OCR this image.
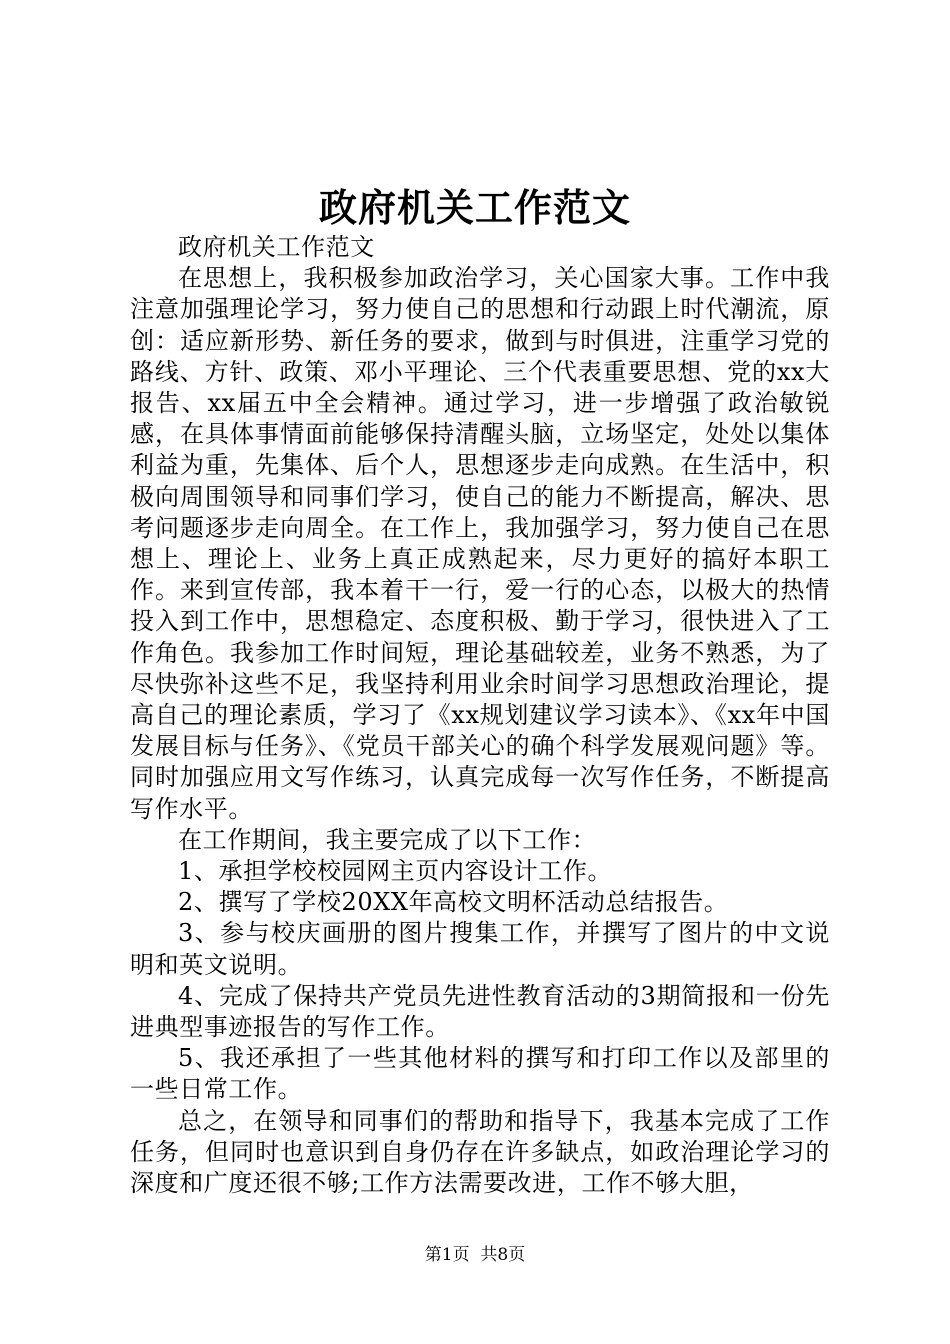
政府机关工作范文

政府机关工作范文

在思想上，我积极参加政治学习，关心国家大事。工作中我注意加强理论学习，努力使自己的思想和行动跟上时代潮流，原创：适应新形势、新任务的要求，做到与时俱进，注重学习党的路线、方针、政策、邓小平理论、三个代表重要思想、党的xx大报告、xx届五中全会精神。通过学习，进一步增强了政治敏锐感，在具体事情面前能够保持清醒头脑，立场坚定，处处以集体利益为重，先集体、后个人，思想逐步走向成熟。在生活中，积极向周围领导和同事们学习，使自己的能力不断提高，解决、思考问题逐步走向周全。在工作上，我加强学习，努力使自己在思想上、理论上、业务上真正成熟起来，尽力更好的搞好本职工作。来到宣传部，我本着干一行，爱一行的心态，以极大的热情投入到工作中，思想稳定、态度积极、勤于学习，很快进入了工作角色。我参加工作时间短，理论基础较差，业务不熟悉，为了尽快弥补这些不足，我坚持利用业余时间学习思想政治理论，提高自己的理论素质，学习了《xx规划建议学习读本》、《xx年中国发展目标与任务》、《党员干部关心的确个科学发展观问题》等。同时加强应用文写作练习，认真完成每一次写作任务，不断提高写作水平。

在工作期间，我主要完成了以下工作：

1、承担学校校园网主页内容设计工作。

2、撰写了学校20XX年高校文明杯活动总结报告。

3、参与校庆画册的图片搜集工作，并撰写了图片的中文说明和英文说明。

4、完成了保持共产党员先进性教育活动的3期简报和一份先进典型事迹报告的写作工作。

5、我还承担了一些其他材料的撰写和打印工作以及部里的一些日常工作。

总之，在领导和同事们的帮助和指导下，我基本完成了工作任务，但同时也意识到自身仍存在许多缺点，如政治理论学习的深度和广度还很不够;工作方法需要改进，工作不够大胆，

第1页 共8页
